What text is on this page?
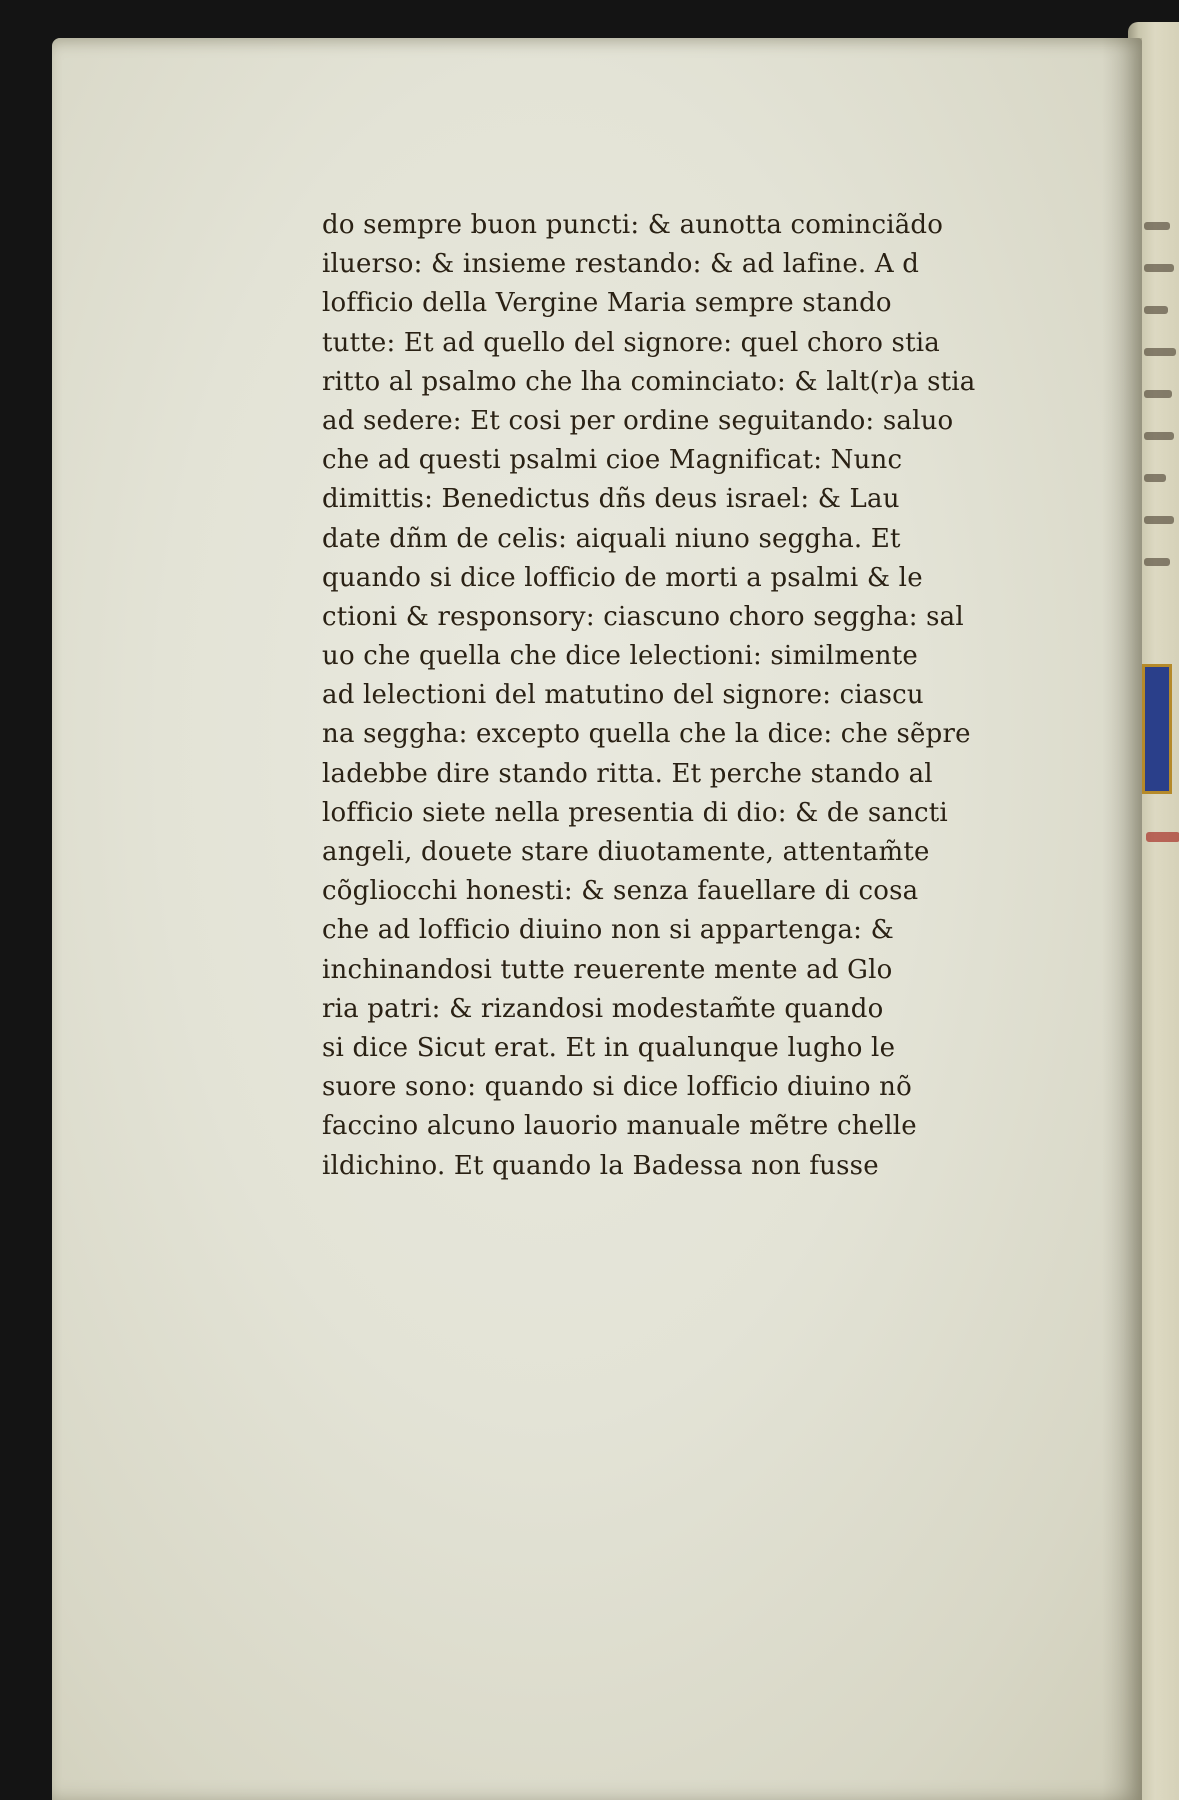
do sempre buon puncti: & aunotta cominciãdo
iluerso: & insieme restando: & ad lafine. A d
lofficio della Vergine Maria sempre stando
tutte: Et ad quello del signore: quel choro stia
ritto al psalmo che lha cominciato: & lalt(r)a stia
ad sedere: Et cosi per ordine seguitando: saluo
che ad questi psalmi cioe Magnificat: Nunc
dimittis: Benedictus dñs deus israel: & Lau
date dñm de celis: aiquali niuno seggha. Et
quando si dice lofficio de morti a psalmi & le
ctioni & responsory: ciascuno choro seggha: sal
uo che quella che dice lelectioni: similmente
ad lelectioni del matutino del signore: ciascu
na seggha: excepto quella che la dice: che sẽpre
ladebbe dire stando ritta. Et perche stando al
lofficio siete nella presentia di dio: & de sancti
angeli, douete stare diuotamente, attentam̃te
cõgliocchi honesti: & senza fauellare di cosa
che ad lofficio diuino non si appartenga: &
inchinandosi tutte reuerente mente ad Glo
ria patri: & rizandosi modestam̃te quando
si dice Sicut erat. Et in qualunque lugho le
suore sono: quando si dice lofficio diuino nõ
faccino alcuno lauorio manuale mẽtre chelle
ildichino. Et quando la Badessa non fusse
